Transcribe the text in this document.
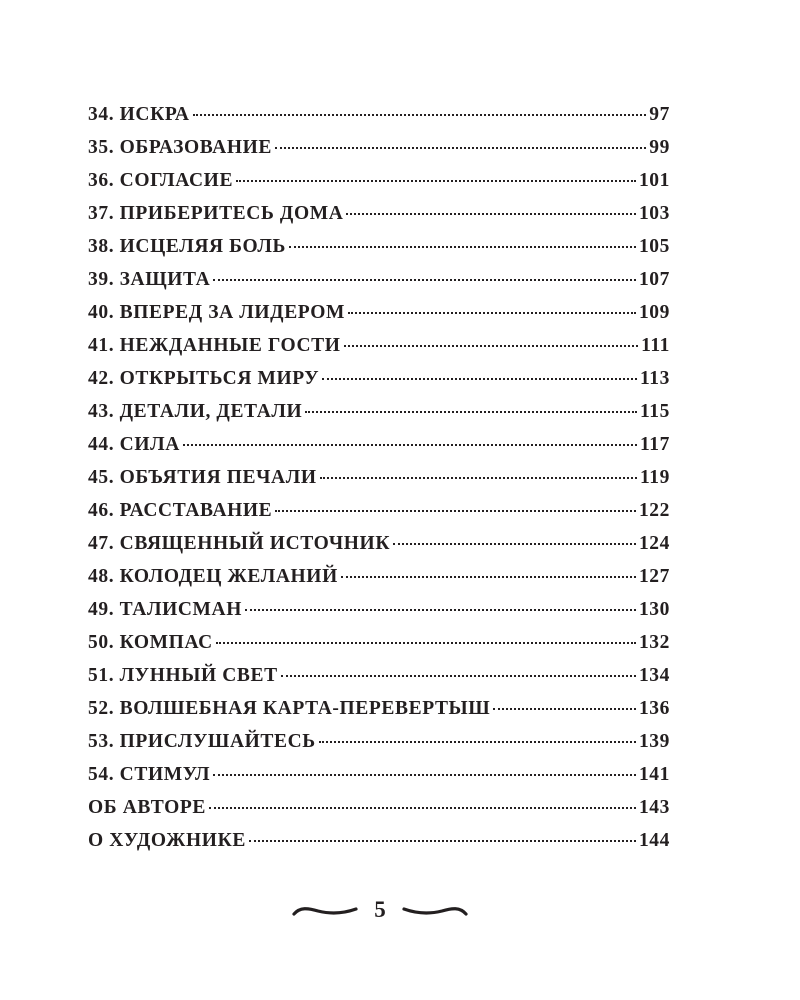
34. ИСКРА	97
35. ОБРАЗОВАНИЕ	99
36. СОГЛАСИЕ	101
37. ПРИБЕРИТЕСЬ ДОМА	103
38. ИСЦЕЛЯЯ БОЛЬ	105
39. ЗАЩИТА	107
40. ВПЕРЕД ЗА ЛИДЕРОМ	109
41. НЕЖДАННЫЕ ГОСТИ	111
42. ОТКРЫТЬСЯ МИРУ	113
43. ДЕТАЛИ, ДЕТАЛИ	115
44. СИЛА	117
45. ОБЪЯТИЯ ПЕЧАЛИ	119
46. РАССТАВАНИЕ	122
47. СВЯЩЕННЫЙ ИСТОЧНИК	124
48. КОЛОДЕЦ ЖЕЛАНИЙ	127
49. ТАЛИСМАН	130
50. КОМПАС	132
51. ЛУННЫЙ СВЕТ	134
52. ВОЛШЕБНАЯ КАРТА-ПЕРЕВЕРТЫШ	136
53. ПРИСЛУШАЙТЕСЬ	139
54. СТИМУЛ	141
ОБ АВТОРЕ	143
О ХУДОЖНИКЕ	144
5
